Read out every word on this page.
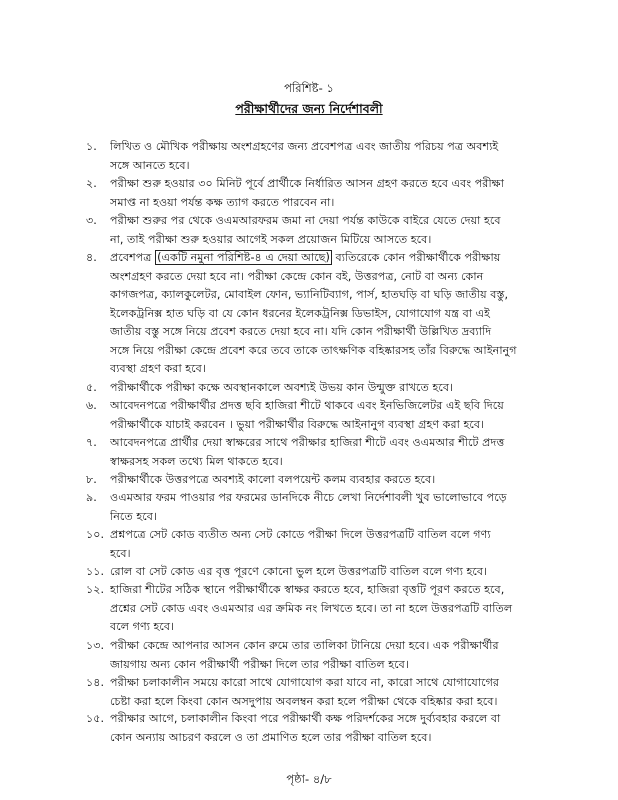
পরিশিষ্ট- ১
পরীক্ষার্থীদের জন্য নির্দেশাবলী
১.	লিখিত ও মৌখিক পরীক্ষায় অংশগ্রহণের জন্য প্রবেশপত্র এবং জাতীয় পরিচয় পত্র অবশ্যই
সঙ্গে আনতে হবে।
২.	পরীক্ষা শুরু হওয়ার ৩০ মিনিট পূর্বে প্রার্থীকে নির্ধারিত আসন গ্রহণ করতে হবে এবং পরীক্ষা
সমাপ্ত না হওয়া পর্যন্ত কক্ষ ত্যাগ করতে পারবেন না।
৩.	পরীক্ষা শুরুর পর থেকে ওএমআরফরম জমা না দেয়া পর্যন্ত কাউকে বাইরে যেতে দেয়া হবে
না, তাই পরীক্ষা শুরু হওয়ার আগেই সকল প্রয়োজন মিটিয়ে আসতে হবে।
৪.	প্রবেশপত্র (একটি নমুনা পরিশিষ্ট-৪ এ দেয়া আছে) ব্যতিরেকে কোন পরীক্ষার্থীকে পরীক্ষায়
অংশগ্রহণ করতে দেয়া হবে না। পরীক্ষা কেন্দ্রে কোন বই, উত্তরপত্র, নোট বা অন্য কোন
কাগজপত্র, ক্যালকুলেটর, মোবাইল ফোন, ভ্যানিটিব্যাগ, পার্স, হাতঘড়ি বা ঘড়ি জাতীয় বস্তু,
ইলেকট্রনিক্স হাত ঘড়ি বা যে কোন ধরনের ইলেকট্রনিক্স ডিভাইস, যোগাযোগ যন্ত্র বা এই
জাতীয় বস্তু সঙ্গে নিয়ে প্রবেশ করতে দেয়া হবে না। যদি কোন পরীক্ষার্থী উল্লিখিত দ্রব্যাদি
সঙ্গে নিয়ে পরীক্ষা কেন্দ্রে প্রবেশ করে তবে তাকে তাৎক্ষণিক বহিষ্কারসহ তাঁর বিরুদ্ধে আইনানুগ
ব্যবস্থা গ্রহণ করা হবে।
৫.	পরীক্ষার্থীকে পরীক্ষা কক্ষে অবস্থানকালে অবশ্যই উভয় কান উন্মুক্ত রাখতে হবে।
৬.	আবেদনপত্রে পরীক্ষার্থীর প্রদত্ত ছবি হাজিরা শীটে থাকবে এবং ইনভিজিলেটর এই ছবি দিয়ে
পরীক্ষার্থীকে যাচাই করবেন । ভুয়া পরীক্ষার্থীর বিরুদ্ধে আইনানুগ ব্যবস্থা গ্রহণ করা হবে।
৭.	আবেদনপত্রে প্রার্থীর দেয়া স্বাক্ষরের সাথে পরীক্ষার হাজিরা শীটে এবং ওএমআর শীটে প্রদত্ত
স্বাক্ষরসহ সকল তথ্যে মিল থাকতে হবে।
৮.	পরীক্ষার্থীকে উত্তরপত্রে অবশ্যই কালো বলপয়েন্ট কলম ব্যবহার করতে হবে।
৯.	ওএমআর ফরম পাওয়ার পর ফরমের ডানদিকে নীচে লেখা নির্দেশাবলী খুব ভালোভাবে পড়ে
নিতে হবে।
১০. প্রশ্নপত্রে সেট কোড ব্যতীত অন্য সেট কোডে পরীক্ষা দিলে উত্তরপত্রটি বাতিল বলে গণ্য
হবে।
১১. রোল বা সেট কোড এর বৃত্ত পূরণে কোনো ভুল হলে উত্তরপত্রটি বাতিল বলে গণ্য হবে।
১২. হাজিরা শীটের সঠিক স্থানে পরীক্ষার্থীকে স্বাক্ষর করতে হবে, হাজিরা বৃত্তটি পূরণ করতে হবে,
প্রশ্নের সেট কোড এবং ওএমআর এর ক্রমিক নং লিখতে হবে। তা না হলে উত্তরপত্রটি বাতিল
বলে গণ্য হবে।
১৩. পরীক্ষা কেন্দ্রে আপনার আসন কোন রুমে তার তালিকা টানিয়ে দেয়া হবে। এক পরীক্ষার্থীর
জায়গায় অন্য কোন পরীক্ষার্থী পরীক্ষা দিলে তার পরীক্ষা বাতিল হবে।
১৪. পরীক্ষা চলাকালীন সময়ে কারো সাথে যোগাযোগ করা যাবে না, কারো সাথে যোগাযোগের
চেষ্টা করা হলে কিংবা কোন অসদুপায় অবলম্বন করা হলে পরীক্ষা থেকে বহিষ্কার করা হবে।
১৫. পরীক্ষার আগে, চলাকালীন কিংবা পরে পরীক্ষার্থী কক্ষ পরিদর্শকের সঙ্গে দুর্ব্যবহার করলে বা
কোন অন্যায় আচরণ করলে ও তা প্রমাণিত হলে তার পরীক্ষা বাতিল হবে।
পৃষ্ঠা- ৪/৮
